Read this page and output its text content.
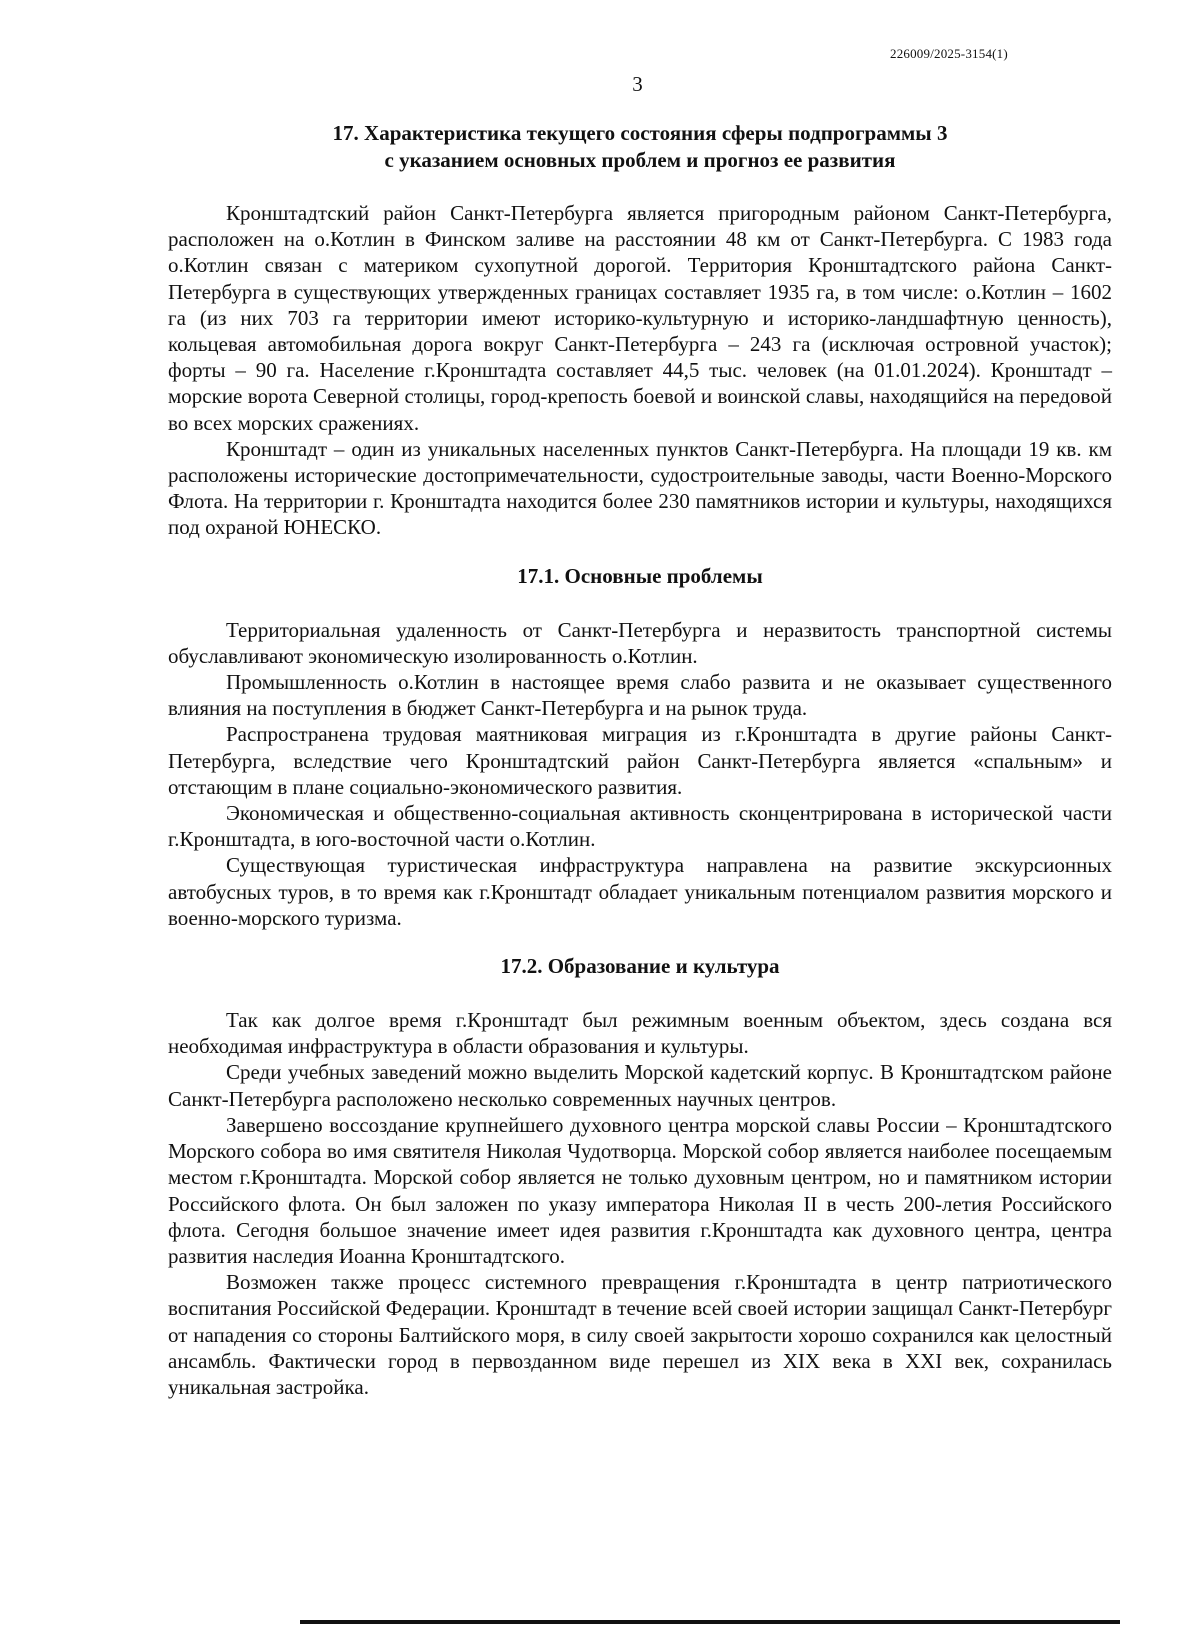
226009/2025-3154(1)
3
17. Характеристика текущего состояния сферы подпрограммы 3
с указанием основных проблем и прогноз ее развития

Кронштадтский район Санкт-Петербурга является пригородным районом Санкт-Петербурга, расположен на о.Котлин в Финском заливе на расстоянии 48 км от Санкт-Петербурга. С 1983 года о.Котлин связан с материком сухопутной дорогой. Территория Кронштадтского района Санкт-Петербурга в существующих утвержденных границах составляет 1935 га, в том числе: о.Котлин – 1602 га (из них 703 га территории имеют историко-культурную и историко-ландшафтную ценность), кольцевая автомобильная дорога вокруг Санкт-Петербурга – 243 га (исключая островной участок); форты – 90 га. Население г.Кронштадта составляет 44,5 тыс. человек (на 01.01.2024). Кронштадт – морские ворота Северной столицы, город-крепость боевой и воинской славы, находящийся на передовой во всех морских сражениях.

Кронштадт – один из уникальных населенных пунктов Санкт-Петербурга. На площади 19 кв. км расположены исторические достопримечательности, судостроительные заводы, части Военно-Морского Флота. На территории г. Кронштадта находится более 230 памятников истории и культуры, находящихся под охраной ЮНЕСКО.

17.1. Основные проблемы

Территориальная удаленность от Санкт-Петербурга и неразвитость транспортной системы обуславливают экономическую изолированность о.Котлин.

Промышленность о.Котлин в настоящее время слабо развита и не оказывает существенного влияния на поступления в бюджет Санкт-Петербурга и на рынок труда.

Распространена трудовая маятниковая миграция из г.Кронштадта в другие районы Санкт-Петербурга, вследствие чего Кронштадтский район Санкт-Петербурга является «спальным» и отстающим в плане социально-экономического развития.

Экономическая и общественно-социальная активность сконцентрирована в исторической части г.Кронштадта, в юго-восточной части о.Котлин.

Существующая туристическая инфраструктура направлена на развитие экскурсионных автобусных туров, в то время как г.Кронштадт обладает уникальным потенциалом развития морского и военно-морского туризма.

17.2. Образование и культура

Так как долгое время г.Кронштадт был режимным военным объектом, здесь создана вся необходимая инфраструктура в области образования и культуры.

Среди учебных заведений можно выделить Морской кадетский корпус. В Кронштадтском районе Санкт-Петербурга расположено несколько современных научных центров.

Завершено воссоздание крупнейшего духовного центра морской славы России – Кронштадтского Морского собора во имя святителя Николая Чудотворца. Морской собор является наиболее посещаемым местом г.Кронштадта. Морской собор является не только духовным центром, но и памятником истории Российского флота. Он был заложен по указу императора Николая II в честь 200-летия Российского флота. Сегодня большое значение имеет идея развития г.Кронштадта как духовного центра, центра развития наследия Иоанна Кронштадтского.

Возможен также процесс системного превращения г.Кронштадта в центр патриотического воспитания Российской Федерации. Кронштадт в течение всей своей истории защищал Санкт-Петербург от нападения со стороны Балтийского моря, в силу своей закрытости хорошо сохранился как целостный ансамбль. Фактически город в первозданном виде перешел из XIX века в XXI век, сохранилась уникальная застройка.
